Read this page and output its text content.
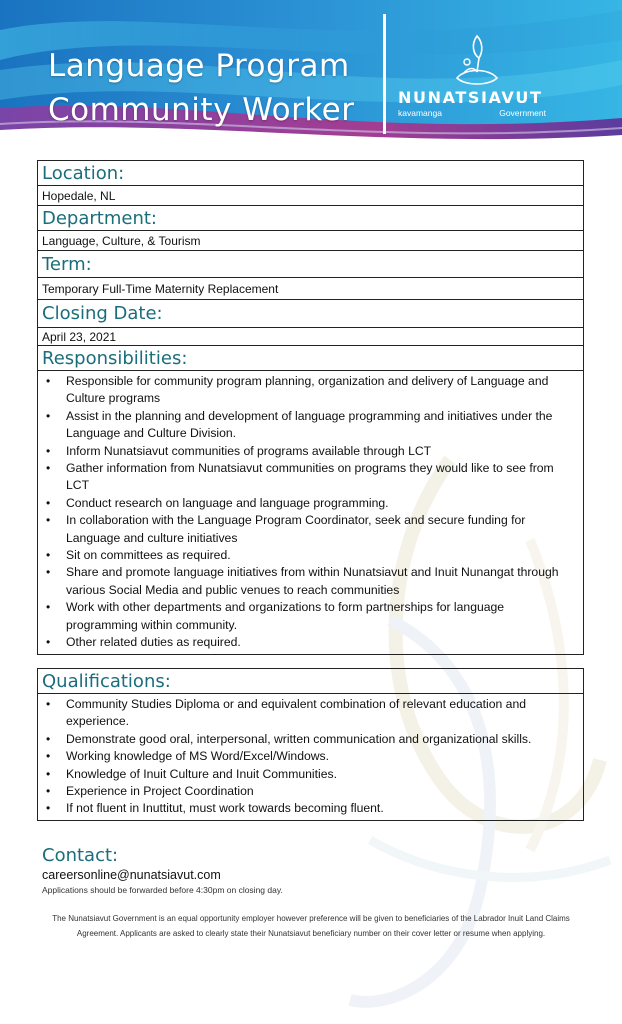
Language Program
Community Worker	NUNATSIAVUT
kavamanga	Government
Location:
Hopedale, NL
Department:
Language, Culture, & Tourism
Term:
Temporary Full-Time Maternity Replacement
Closing Date:
April 23, 2021
Responsibilities:
• Responsible for community program planning, organization and delivery of Language and Culture programs
• Assist in the planning and development of language programming and initiatives under the Language and Culture Division.
• Inform Nunatsiavut communities of programs available through LCT
• Gather information from Nunatsiavut communities on programs they would like to see from LCT
• Conduct research on language and language programming.
• In collaboration with the Language Program Coordinator, seek and secure funding for Language and culture initiatives
• Sit on committees as required.
• Share and promote language initiatives from within Nunatsiavut and Inuit Nunangat through various Social Media and public venues to reach communities
• Work with other departments and organizations to form partnerships for language programming within community.
• Other related duties as required.
Qualifications:
• Community Studies Diploma or and equivalent combination of relevant education and experience.
• Demonstrate good oral, interpersonal, written communication and organizational skills.
• Working knowledge of MS Word/Excel/Windows.
• Knowledge of Inuit Culture and Inuit Communities.
• Experience in Project Coordination
• If not fluent in Inuttitut, must work towards becoming fluent.
Contact:
careersonline@nunatsiavut.com
Applications should be forwarded before 4:30pm on closing day.
The Nunatsiavut Government is an equal opportunity employer however preference will be given to beneficiaries of the Labrador Inuit Land Claims Agreement. Applicants are asked to clearly state their Nunatsiavut beneficiary number on their cover letter or resume when applying.
